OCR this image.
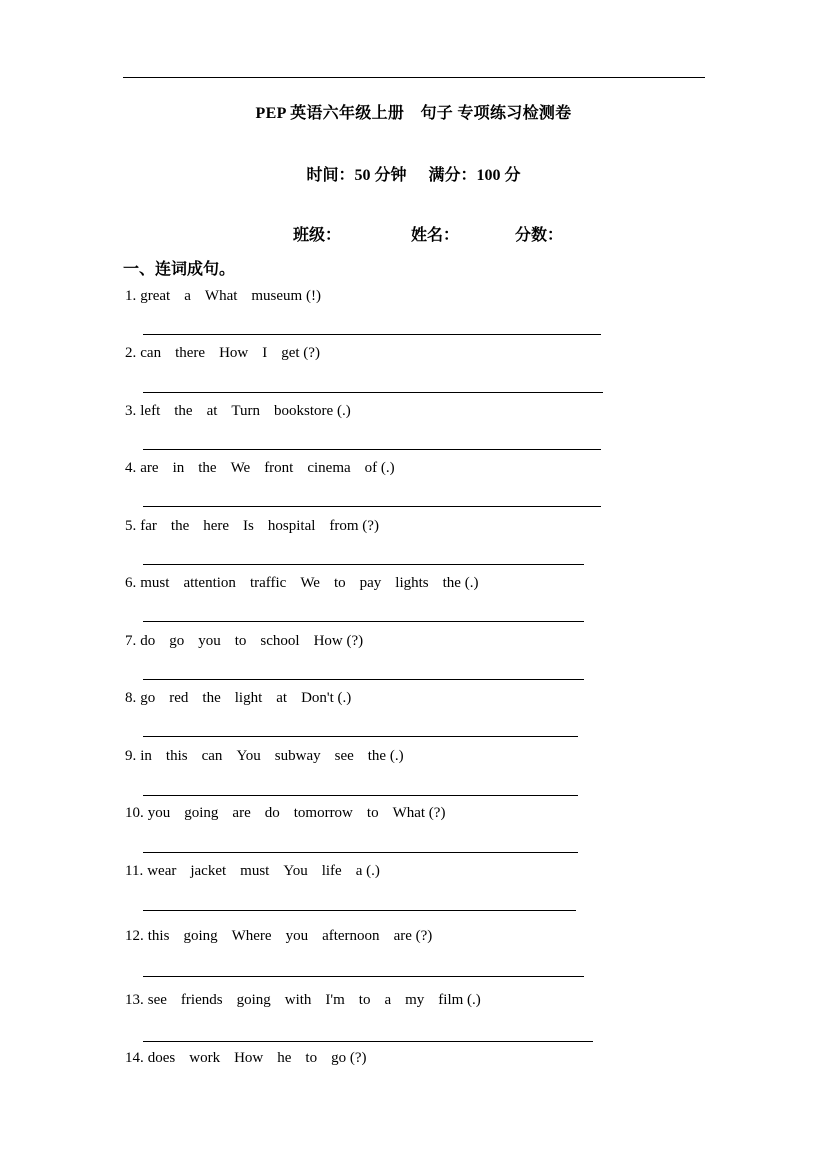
PEP 英语六年级上册　句子 专项练习检测卷
时间：50 分钟 满分：100 分
班级：	姓名：	分数：
一、连词成句。
1. great a What museum (!)
2. can there How I get (?)
3. left the at Turn bookstore (.)
4. are in the We front cinema of (.)
5. far the here Is hospital from (?)
6. must attention traffic We to pay lights the (.)
7. do go you to school How (?)
8. go red the light at Don't (.)
9. in this can You subway see the (.)
10. you going are do tomorrow to What (?)
11. wear jacket must You life a (.)
12. this going Where you afternoon are (?)
13. see friends going with I'm to a my film (.)
14. does work How he to go (?)
